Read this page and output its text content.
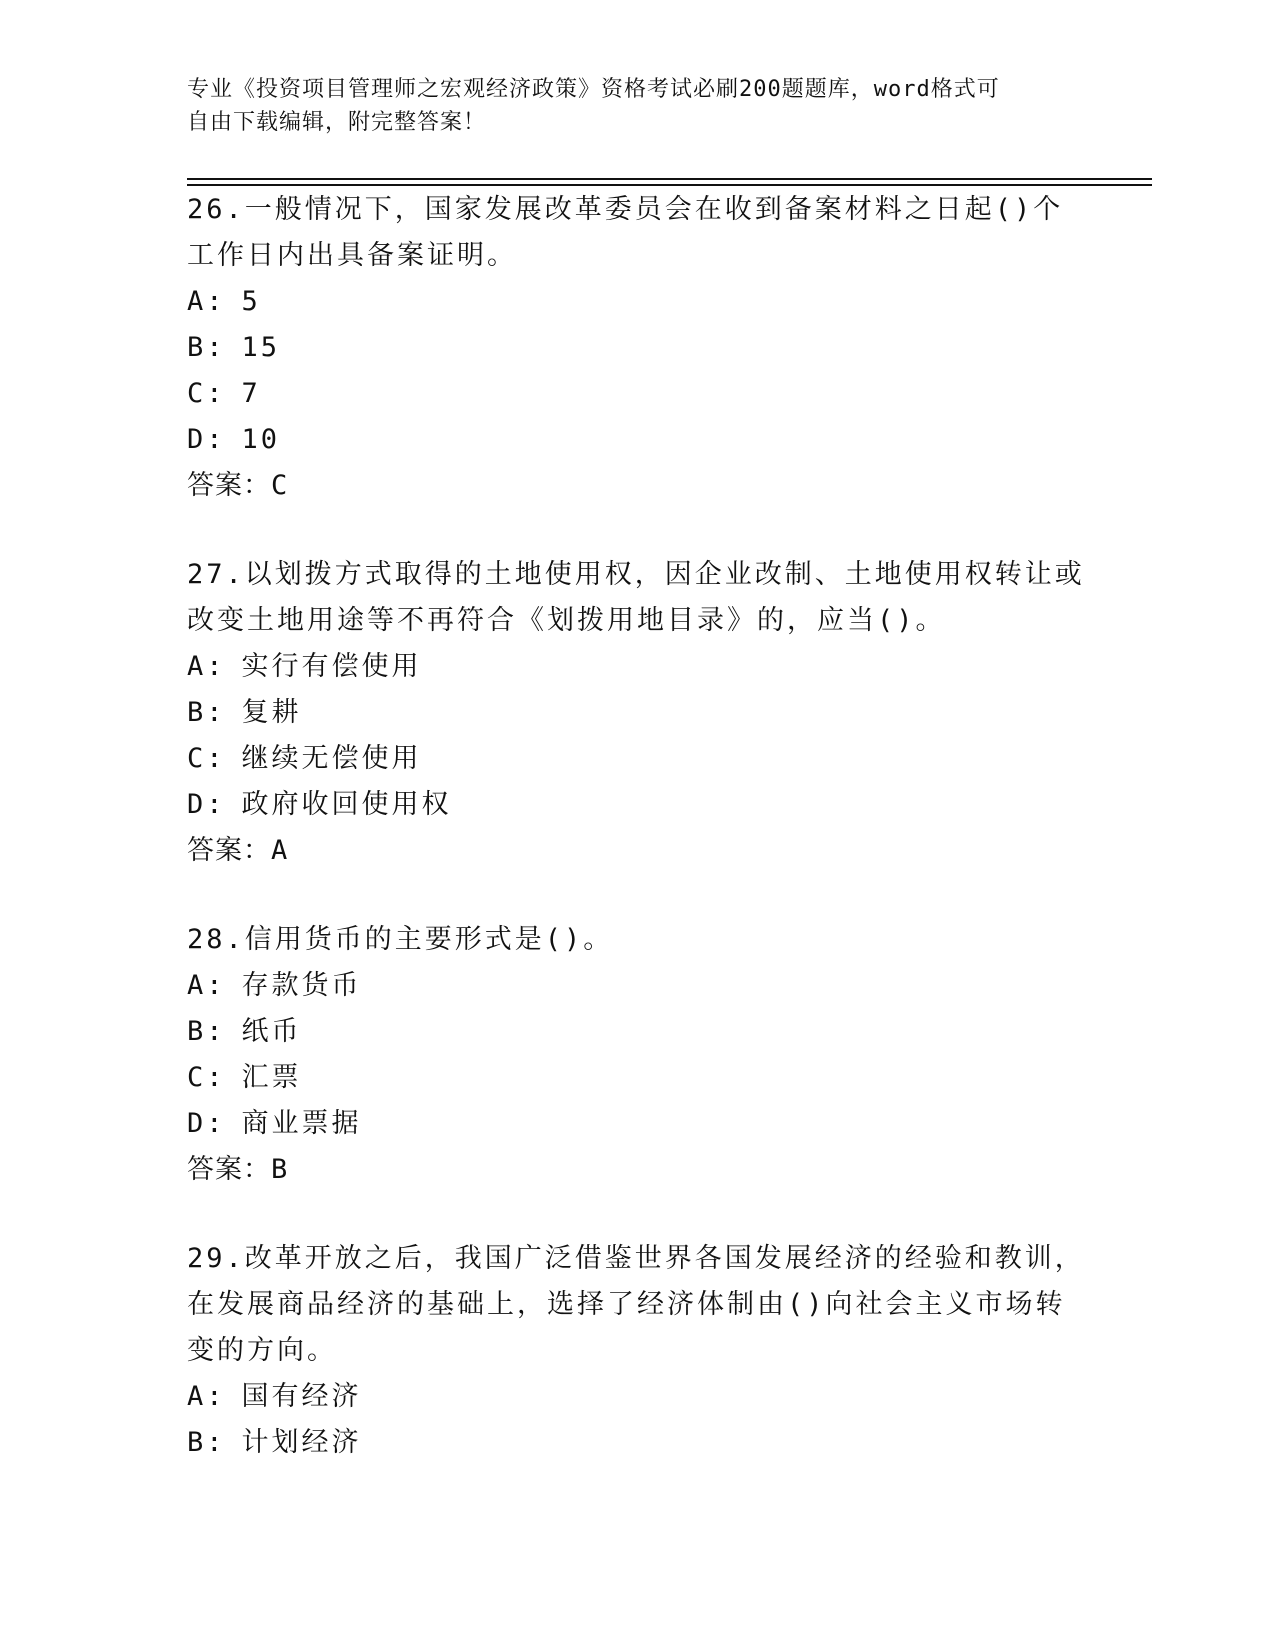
专业《投资项目管理师之宏观经济政策》资格考试必刷200题题库，word格式可
自由下载编辑，附完整答案！
26.一般情况下，国家发展改革委员会在收到备案材料之日起()个工作日内出具备案证明。
A: 5
B: 15
C: 7
D: 10
答案：C
27.以划拨方式取得的土地使用权，因企业改制、土地使用权转让或改变土地用途等不再符合《划拨用地目录》的，应当()。
A: 实行有偿使用
B: 复耕
C: 继续无偿使用
D: 政府收回使用权
答案：A
28.信用货币的主要形式是()。
A: 存款货币
B: 纸币
C: 汇票
D: 商业票据
答案：B
29.改革开放之后，我国广泛借鉴世界各国发展经济的经验和教训，在发展商品经济的基础上，选择了经济体制由()向社会主义市场转变的方向。
A: 国有经济
B: 计划经济
